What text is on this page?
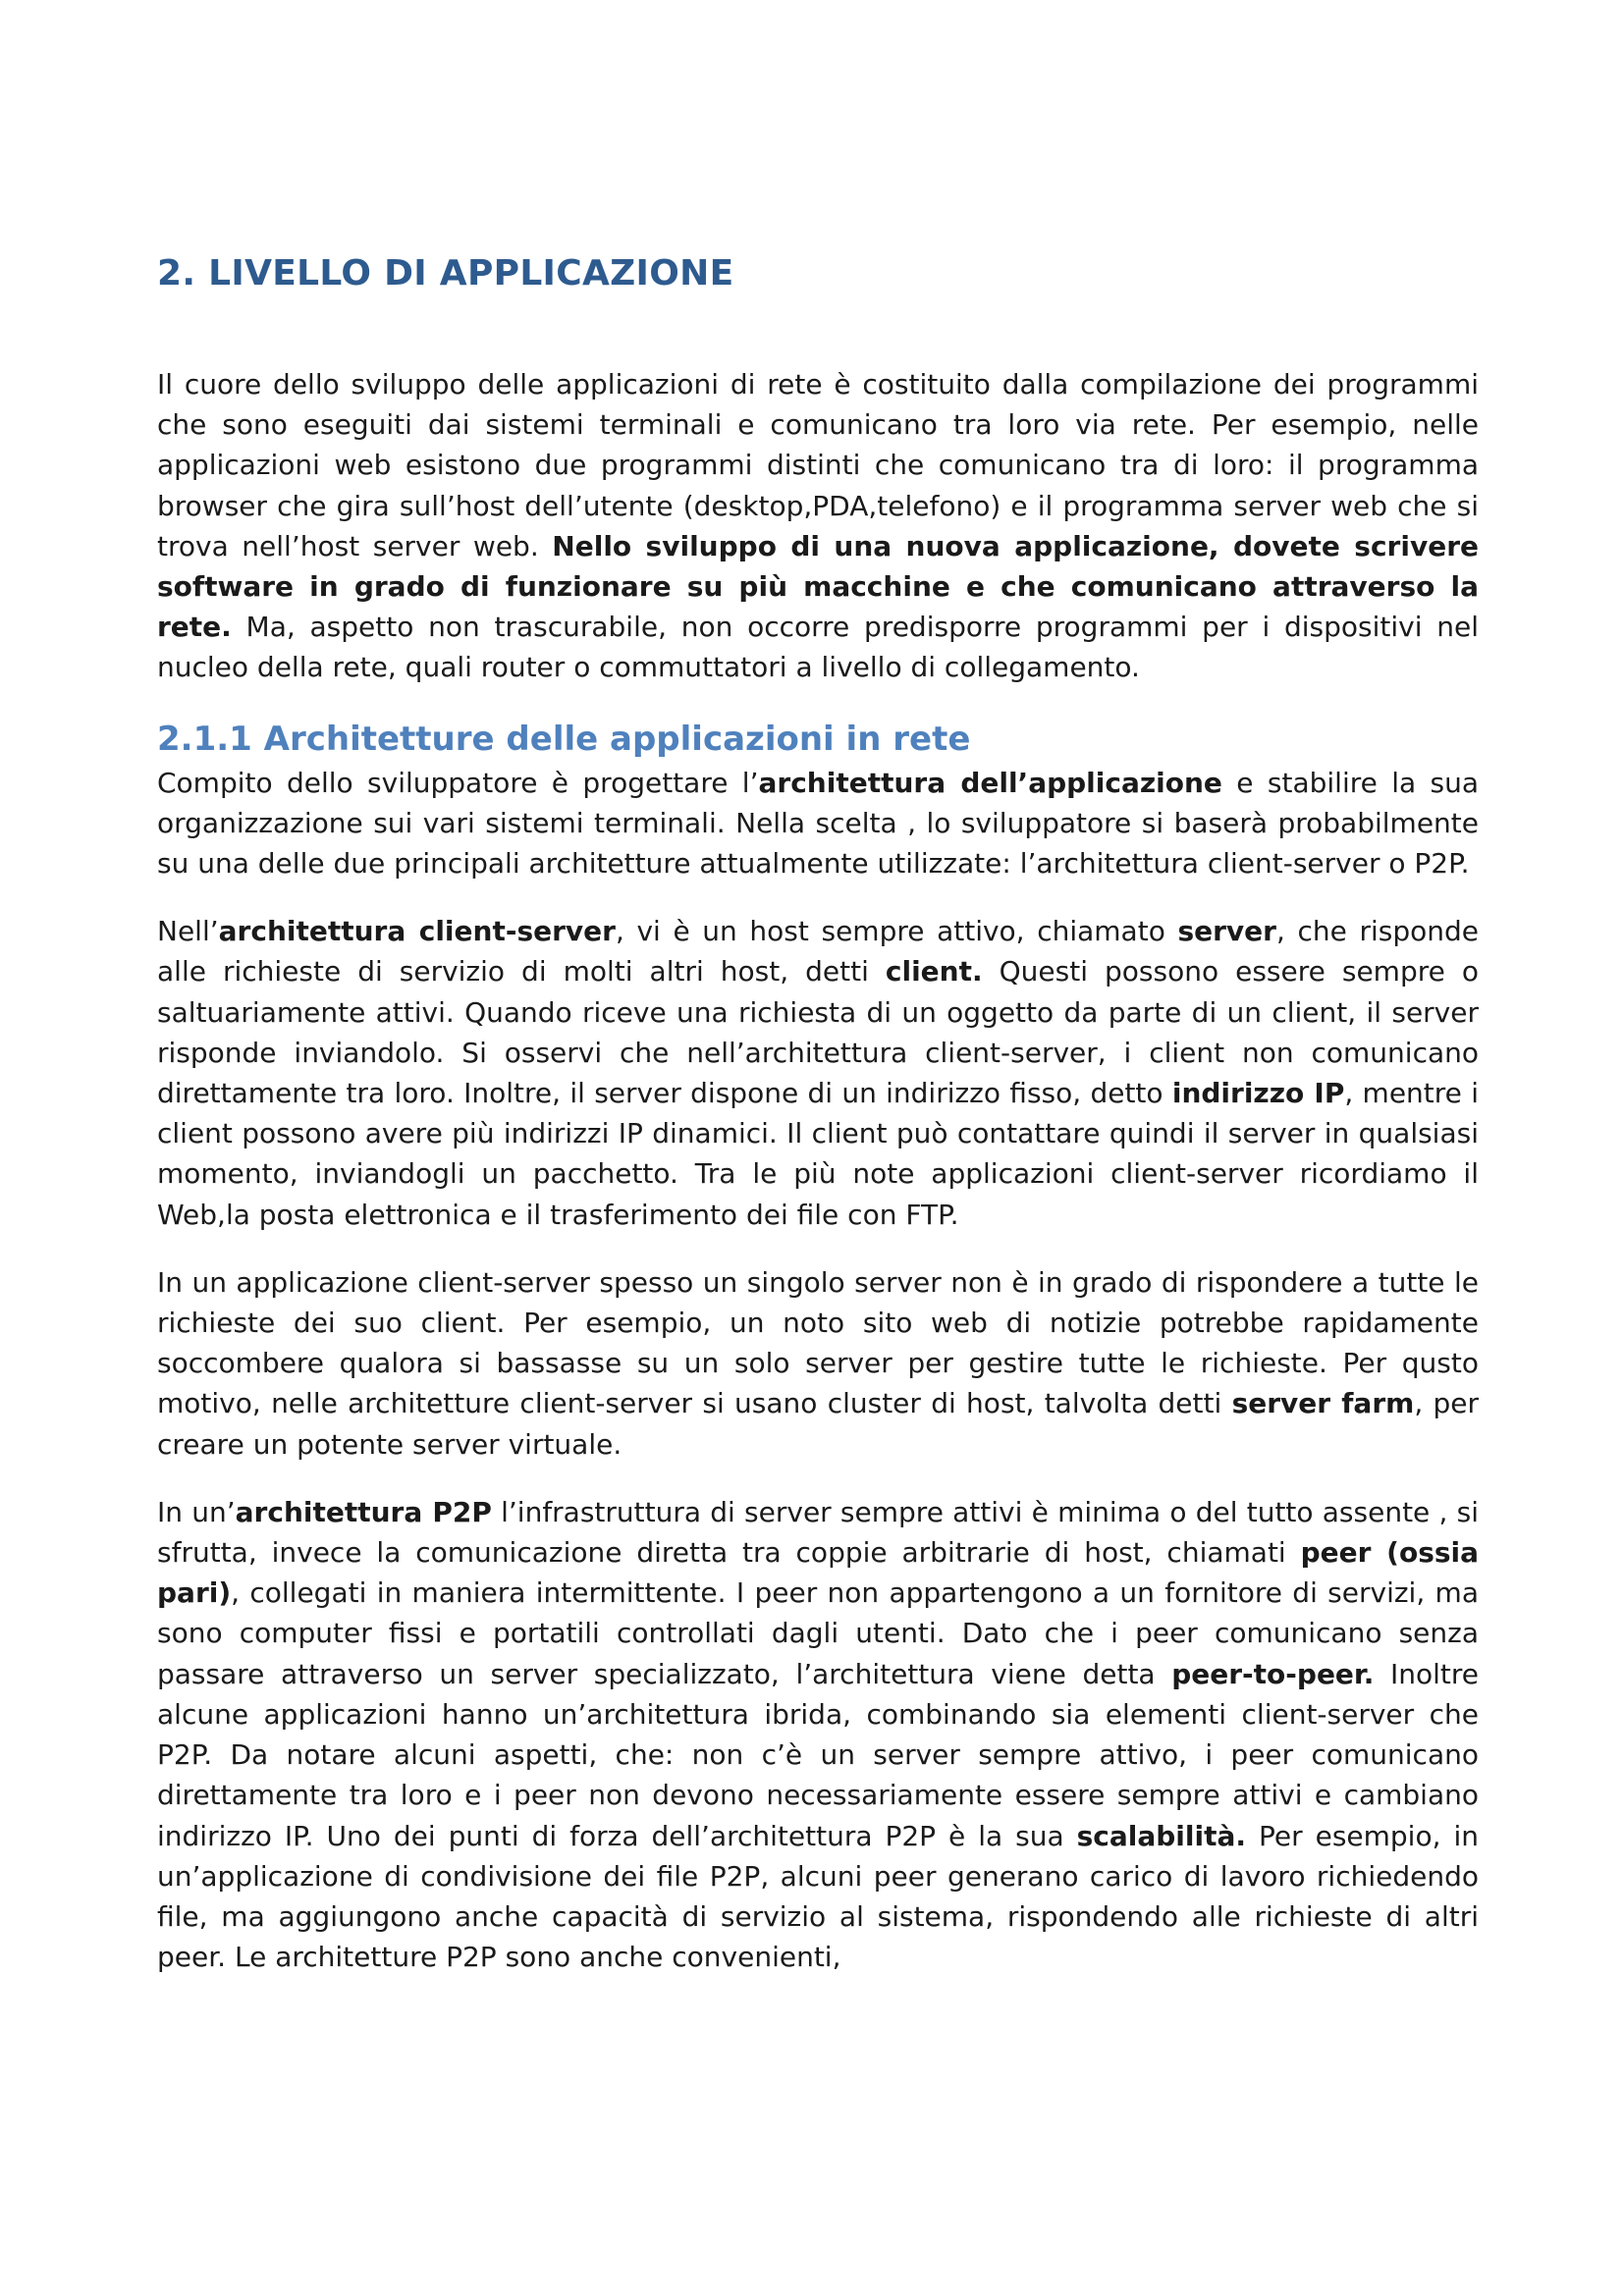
2. LIVELLO DI APPLICAZIONE

Il cuore dello sviluppo delle applicazioni di rete è costituito dalla compilazione dei programmi che sono eseguiti dai sistemi terminali e comunicano tra loro via rete. Per esempio, nelle applicazioni web esistono due programmi distinti che comunicano tra di loro: il programma browser che gira sull’host dell’utente (desktop,PDA,telefono) e il programma server web che si trova nell’host server web. Nello sviluppo di una nuova applicazione, dovete scrivere software in grado di funzionare su più macchine e che comunicano attraverso la rete. Ma, aspetto non trascurabile, non occorre predisporre programmi per i dispositivi nel nucleo della rete, quali router o commuttatori a livello di collegamento.

2.1.1 Architetture delle applicazioni in rete

Compito dello sviluppatore è progettare l’architettura dell’applicazione e stabilire la sua organizzazione sui vari sistemi terminali. Nella scelta , lo sviluppatore si baserà probabilmente su una delle due principali architetture attualmente utilizzate: l’architettura client-server o P2P.

Nell’architettura client-server, vi è un host sempre attivo, chiamato server, che risponde alle richieste di servizio di molti altri host, detti client. Questi possono essere sempre o saltuariamente attivi. Quando riceve una richiesta di un oggetto da parte di un client, il server risponde inviandolo. Si osservi che nell’architettura client-server, i client non comunicano direttamente tra loro. Inoltre, il server dispone di un indirizzo fisso, detto indirizzo IP, mentre i client possono avere più indirizzi IP dinamici. Il client può contattare quindi il server in qualsiasi momento, inviandogli un pacchetto. Tra le più note applicazioni client-server ricordiamo il Web,la posta elettronica e il trasferimento dei file con FTP.

In un applicazione client-server spesso un singolo server non è in grado di rispondere a tutte le richieste dei suo client. Per esempio, un noto sito web di notizie potrebbe rapidamente soccombere qualora si bassasse su un solo server per gestire tutte le richieste. Per qusto motivo, nelle architetture client-server si usano cluster di host, talvolta detti server farm, per creare un potente server virtuale.

In un’architettura P2P l’infrastruttura di server sempre attivi è minima o del tutto assente , si sfrutta, invece la comunicazione diretta tra coppie arbitrarie di host, chiamati peer (ossia pari), collegati in maniera intermittente. I peer non appartengono a un fornitore di servizi, ma sono computer fissi e portatili controllati dagli utenti. Dato che i peer comunicano senza passare attraverso un server specializzato, l’architettura viene detta peer-to-peer. Inoltre alcune applicazioni hanno un’architettura ibrida, combinando sia elementi client-server che P2P. Da notare alcuni aspetti, che: non c’è un server sempre attivo, i peer comunicano direttamente tra loro e i peer non devono necessariamente essere sempre attivi e cambiano indirizzo IP. Uno dei punti di forza dell’architettura P2P è la sua scalabilità. Per esempio, in un’applicazione di condivisione dei file P2P, alcuni peer generano carico di lavoro richiedendo file, ma aggiungono anche capacità di servizio al sistema, rispondendo alle richieste di altri peer. Le architetture P2P sono anche convenienti,
